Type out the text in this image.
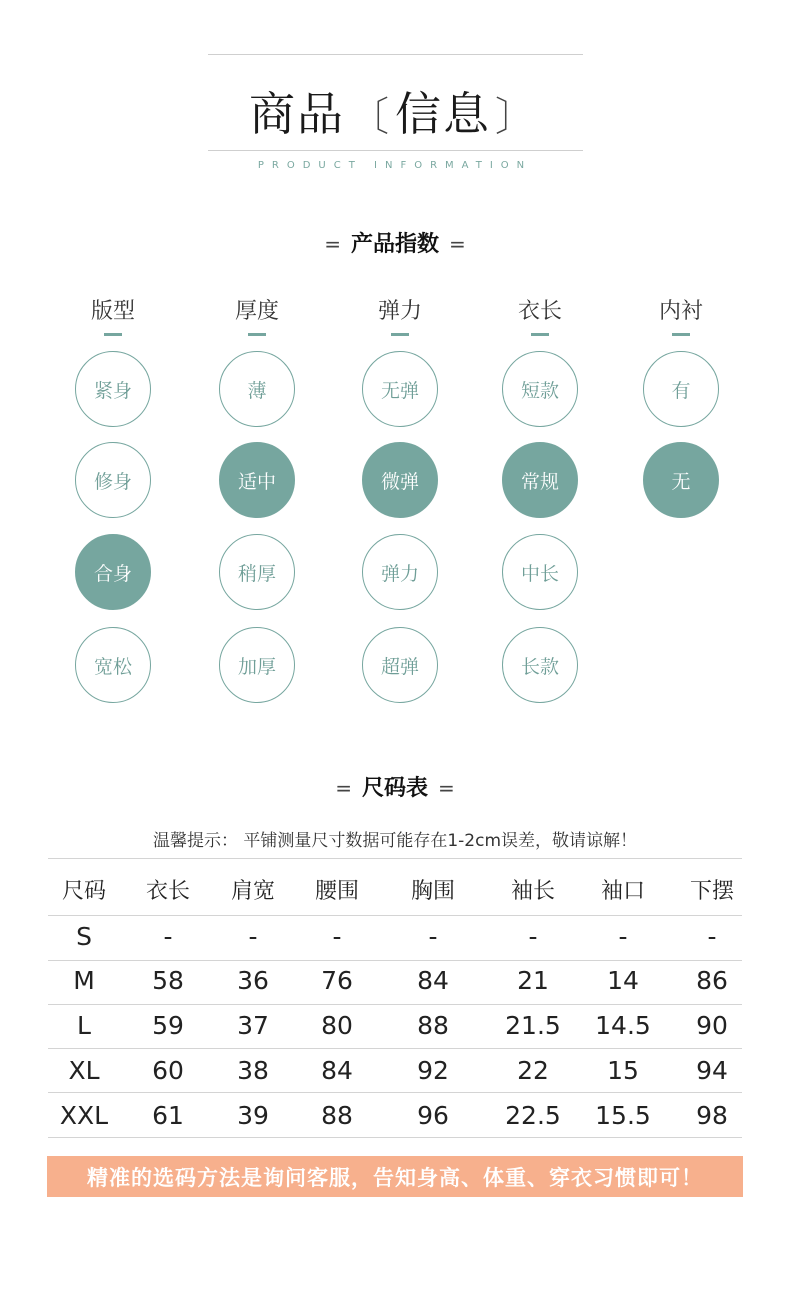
商品 〔信息 〕
PRODUCT INFORMATION
= 产品指数 =
版型
紧身
修身
合身
宽松
厚度
薄
适中
稍厚
加厚
弹力
无弹
微弹
弹力
超弹
衣长
短款
常规
中长
长款
内衬
有
无
= 尺码表 =
温馨提示： 平铺测量尺寸数据可能存在1-2cm误差，敬请谅解！
尺码	衣长	肩宽	腰围	胸围	袖长	袖口	下摆
S	-	-	-	-	-	-	-
M	58	36	76	84	21	14	86
L	59	37	80	88	21.5	14.5	90
XL	60	38	84	92	22	15	94
XXL	61	39	88	96	22.5	15.5	98
精准的选码方法是询问客服，告知身高、体重、穿衣习惯即可！
